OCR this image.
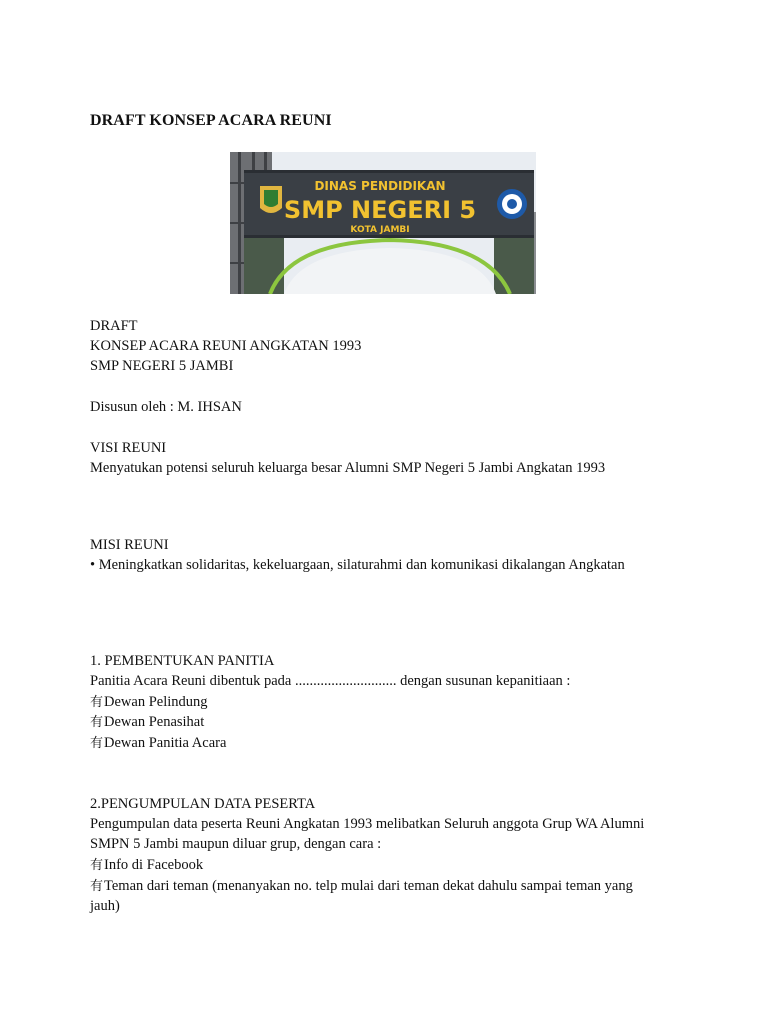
DRAFT KONSEP ACARA REUNI
DINAS PENDIDIKAN
SMP NEGERI 5
KOTA JAMBI
DRAFT
KONSEP ACARA REUNI ANGKATAN 1993
SMP NEGERI 5 JAMBI
Disusun oleh : M. IHSAN
VISI REUNI
Menyatukan potensi seluruh keluarga besar Alumni SMP Negeri 5 Jambi Angkatan 1993
MISI REUNI
• Meningkatkan solidaritas, kekeluargaan, silaturahmi dan komunikasi dikalangan Angkatan
1. PEMBENTUKAN PANITIA
Panitia Acara Reuni dibentuk pada ............................ dengan susunan kepanitiaan :
有Dewan Pelindung
有Dewan Penasihat
有Dewan Panitia Acara
2.PENGUMPULAN DATA PESERTA
Pengumpulan data peserta Reuni Angkatan 1993 melibatkan Seluruh anggota Grup WA Alumni
SMPN 5 Jambi maupun diluar grup, dengan cara :
有Info di Facebook
有Teman dari teman (menanyakan no. telp mulai dari teman dekat dahulu sampai teman yang
jauh)
